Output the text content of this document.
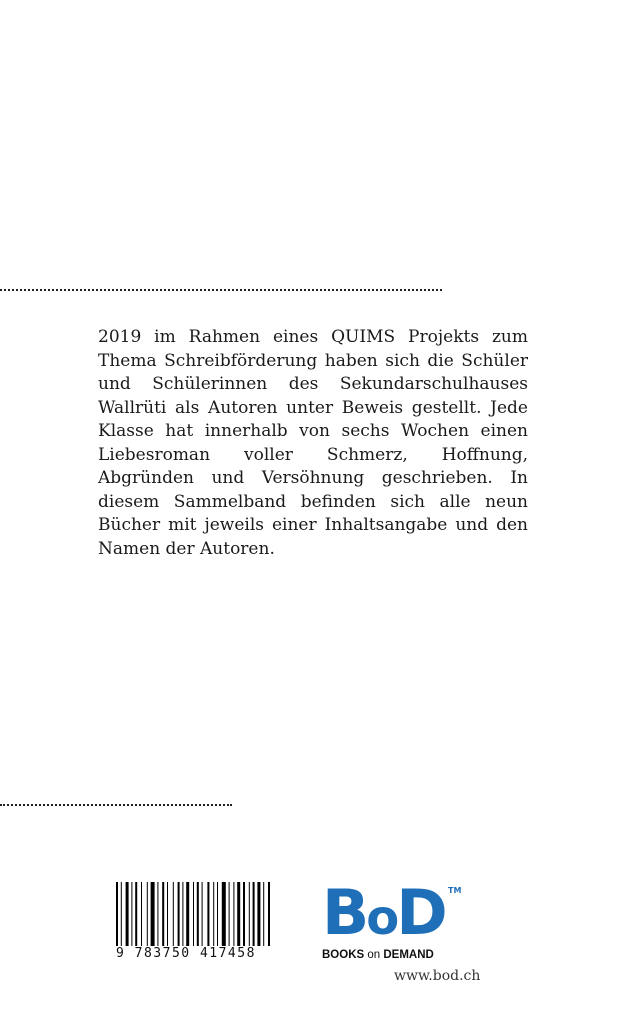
2019 im Rahmen eines QUIMS Projekts zum Thema Schreibförderung haben sich die Schüler und Schülerinnen des Sekundarschulhauses Wallrüti als Autoren unter Beweis gestellt. Jede Klasse hat innerhalb von sechs Wochen einen Liebesroman voller Schmerz, Hoffnung, Abgründen und Versöhnung geschrieben. In diesem Sammelband befinden sich alle neun Bücher mit jeweils einer Inhaltsangabe und den Namen der Autoren.

9 783750 417458
BoD TM
BOOKS on DEMAND
www.bod.ch
